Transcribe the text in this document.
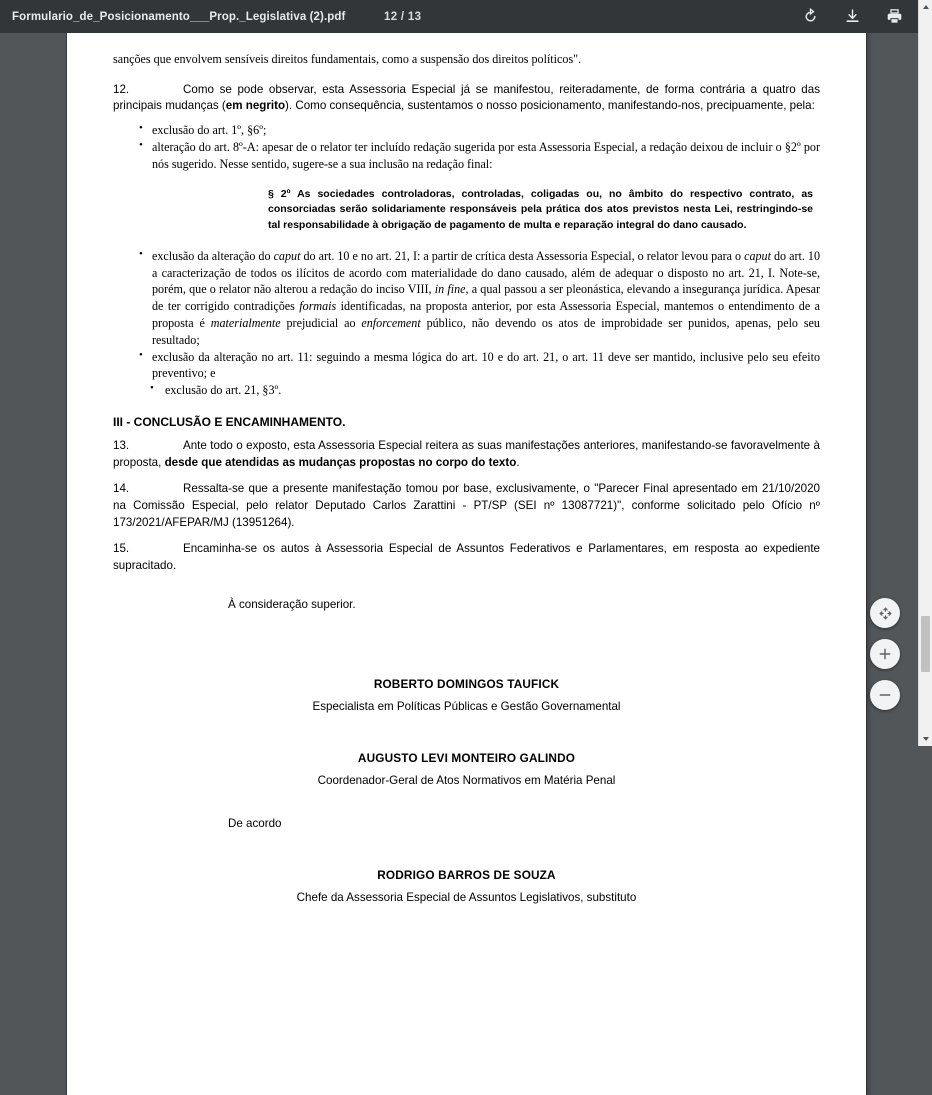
Formulario_de_Posicionamento___Prop._Legislativa (2).pdf	12 / 13

sanções que envolvem sensíveis direitos fundamentais, como a suspensão dos direitos políticos".

12.	Como se pode observar, esta Assessoria Especial já se manifestou, reiteradamente, de forma contrária a quatro das principais mudanças (em negrito). Como consequência, sustentamos o nosso posicionamento, manifestando-nos, precipuamente, pela:

• exclusão do art. 1º, §6º;
• alteração do art. 8º-A: apesar de o relator ter incluído redação sugerida por esta Assessoria Especial, a redação deixou de incluir o §2º por nós sugerido. Nesse sentido, sugere-se a sua inclusão na redação final:
§ 2º As sociedades controladoras, controladas, coligadas ou, no âmbito do respectivo contrato, as consorciadas serão solidariamente responsáveis pela prática dos atos previstos nesta Lei, restringindo-se tal responsabilidade à obrigação de pagamento de multa e reparação integral do dano causado.
• exclusão da alteração do caput do art. 10 e no art. 21, I: a partir de crítica desta Assessoria Especial, o relator levou para o caput do art. 10 a caracterização de todos os ilícitos de acordo com materialidade do dano causado, além de adequar o disposto no art. 21, I. Note-se, porém, que o relator não alterou a redação do inciso VIII, in fine, a qual passou a ser pleonástica, elevando a insegurança jurídica. Apesar de ter corrigido contradições formais identificadas, na proposta anterior, por esta Assessoria Especial, mantemos o entendimento de a proposta é materialmente prejudicial ao enforcement público, não devendo os atos de improbidade ser punidos, apenas, pelo seu resultado;
• exclusão da alteração no art. 11: seguindo a mesma lógica do art. 10 e do art. 21, o art. 11 deve ser mantido, inclusive pelo seu efeito preventivo; e
• exclusão do art. 21, §3º.
III - CONCLUSÃO E ENCAMINHAMENTO.

13.	Ante todo o exposto, esta Assessoria Especial reitera as suas manifestações anteriores, manifestando-se favoravelmente à proposta, desde que atendidas as mudanças propostas no corpo do texto.

14.	Ressalta-se que a presente manifestação tomou por base, exclusivamente, o "Parecer Final apresentado em 21/10/2020 na Comissão Especial, pelo relator Deputado Carlos Zarattini - PT/SP (SEI nº 13087721)", conforme solicitado pelo Ofício nº 173/2021/AFEPAR/MJ (13951264).

15.	Encaminha-se os autos à Assessoria Especial de Assuntos Federativos e Parlamentares, em resposta ao expediente supracitado.

À consideração superior.

ROBERTO DOMINGOS TAUFICK
Especialista em Políticas Públicas e Gestão Governamental
AUGUSTO LEVI MONTEIRO GALINDO
Coordenador-Geral de Atos Normativos em Matéria Penal

De acordo

RODRIGO BARROS DE SOUZA
Chefe da Assessoria Especial de Assuntos Legislativos, substituto
